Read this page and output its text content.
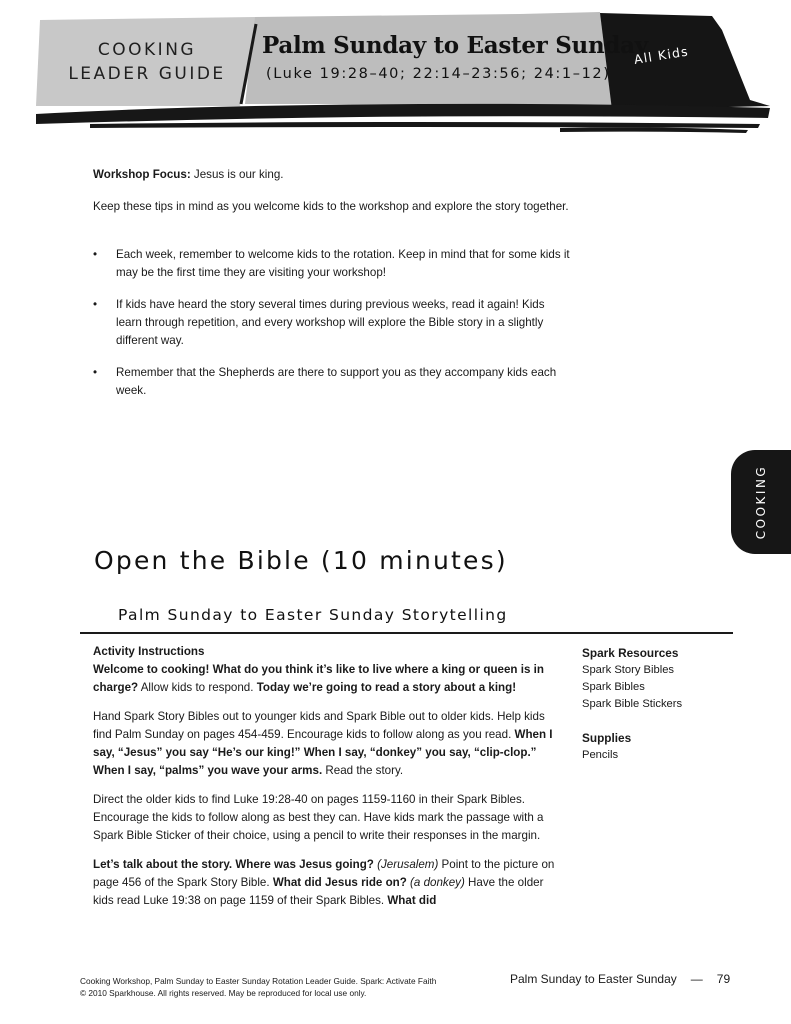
COOKING
LEADER GUIDE
Palm Sunday to Easter Sunday
(Luke 19:28–40; 22:14–23:56; 24:1–12)
All Kids
Workshop Focus: Jesus is our king.
Keep these tips in mind as you welcome kids to the workshop and explore the story together.
• Each week, remember to welcome kids to the rotation. Keep in mind that for some kids it may be the first time they are visiting your workshop!
• If kids have heard the story several times during previous weeks, read it again! Kids learn through repetition, and every workshop will explore the Bible story in a slightly different way.
• Remember that the Shepherds are there to support you as they accompany kids each week.
COOKING
Open the Bible (10 minutes)
Palm Sunday to Easter Sunday Storytelling
Activity Instructions
Welcome to cooking! What do you think it’s like to live where a king or queen is in charge? Allow kids to respond. Today we’re going to read a story about a king!
Hand Spark Story Bibles out to younger kids and Spark Bible out to older kids. Help kids find Palm Sunday on pages 454-459. Encourage kids to follow along as you read. When I say, “Jesus” you say “He’s our king!” When I say, “donkey” you say, “clip-clop.” When I say, “palms” you wave your arms. Read the story.
Direct the older kids to find Luke 19:28-40 on pages 1159-1160 in their Spark Bibles. Encourage the kids to follow along as best they can. Have kids mark the passage with a Spark Bible Sticker of their choice, using a pencil to write their responses in the margin.
Let’s talk about the story. Where was Jesus going? (Jerusalem) Point to the picture on page 456 of the Spark Story Bible. What did Jesus ride on? (a donkey) Have the older kids read Luke 19:38 on page 1159 of their Spark Bibles. What did
Spark Resources
Spark Story Bibles
Spark Bibles
Spark Bible Stickers
Supplies
Pencils
Cooking Workshop, Palm Sunday to Easter Sunday Rotation Leader Guide. Spark: Activate Faith
© 2010 Sparkhouse. All rights reserved. May be reproduced for local use only.
Palm Sunday to Easter Sunday — 79
